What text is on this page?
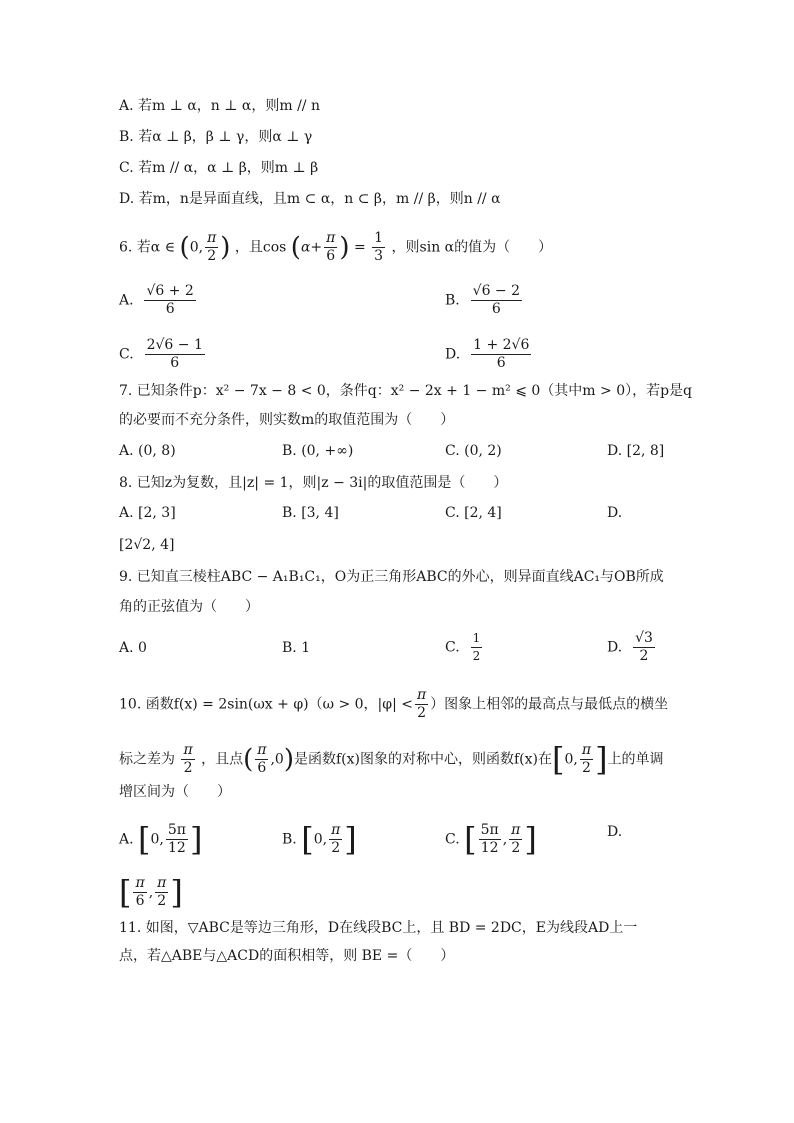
A. 若m ⊥ α，n ⊥ α，则m // n
B. 若α ⊥ β，β ⊥ γ，则α ⊥ γ
C. 若m // α，α ⊥ β，则m ⊥ β
D. 若m，n是异面直线，且m ⊂ α，n ⊂ β，m // β，则n // α
6. 若α ∈ (0, $\frac{\pi}{2}$ ) ，且$\cos (\alpha+ \frac{\pi}{6}$ ) = $\frac{1}{3}$ ，则sin α的值为（　　）
A. $\frac{√6 + 2}{6}$	B. $\frac{√6 - 2}{6}$
C. $\frac{2√6 - 1}{6}$	D. $\frac{1 + 2√6}{6}$
7. 已知条件p：x² − 7x − 8 < 0，条件q：x² − 2x + 1 − m² ⩽ 0（其中m > 0），若p是q
的必要而不充分条件，则实数m的取值范围为（　　）
A. (0, 8)	B. (0, +∞)	C. (0, 2)	D. [2, 8]
8. 已知z为复数，且|z| = 1，则|z − 3i|的取值范围是（　　）
A. [2, 3]	B. [3, 4]	C. [2, 4]	D.
[2√2, 4]
9. 已知直三棱柱ABC − A₁B₁C₁，O为正三角形ABC的外心，则异面直线AC₁与OB所成
角的正弦值为（　　）
A. 0	B. 1	C. $\frac{1}{2}$	D. $\frac{√3}{2}$
10. 函数f(x) = 2sin(ωx + φ)（ω > 0，$|\varphi| < \frac{\pi}{2}$ ）图象上相邻的最高点与最低点的横坐
标之差为 $\frac{\pi}{2}$ ，且点( $\frac{\pi}{6} ,0$)是函数f(x)图象的对称中心，则函数f(x)在[0, $\frac{\pi}{2}$ ]上的单调
增区间为（　　）
A. [0, $\frac{5\pi}{12}$ ]	B. [0, $\frac{\pi}{2}$ ]	C. [ $\frac{5\pi}{12}$ , $\frac{\pi}{2}$ ]	D.
[ $\frac{\pi}{6}$ , $\frac{\pi}{2}$ ]
11. 如图，▽ABC是等边三角形，D在线段BC上，且 BD = 2DC，E为线段AD上一
点，若△ABE与△ACD的面积相等，则 BE =（　　）
